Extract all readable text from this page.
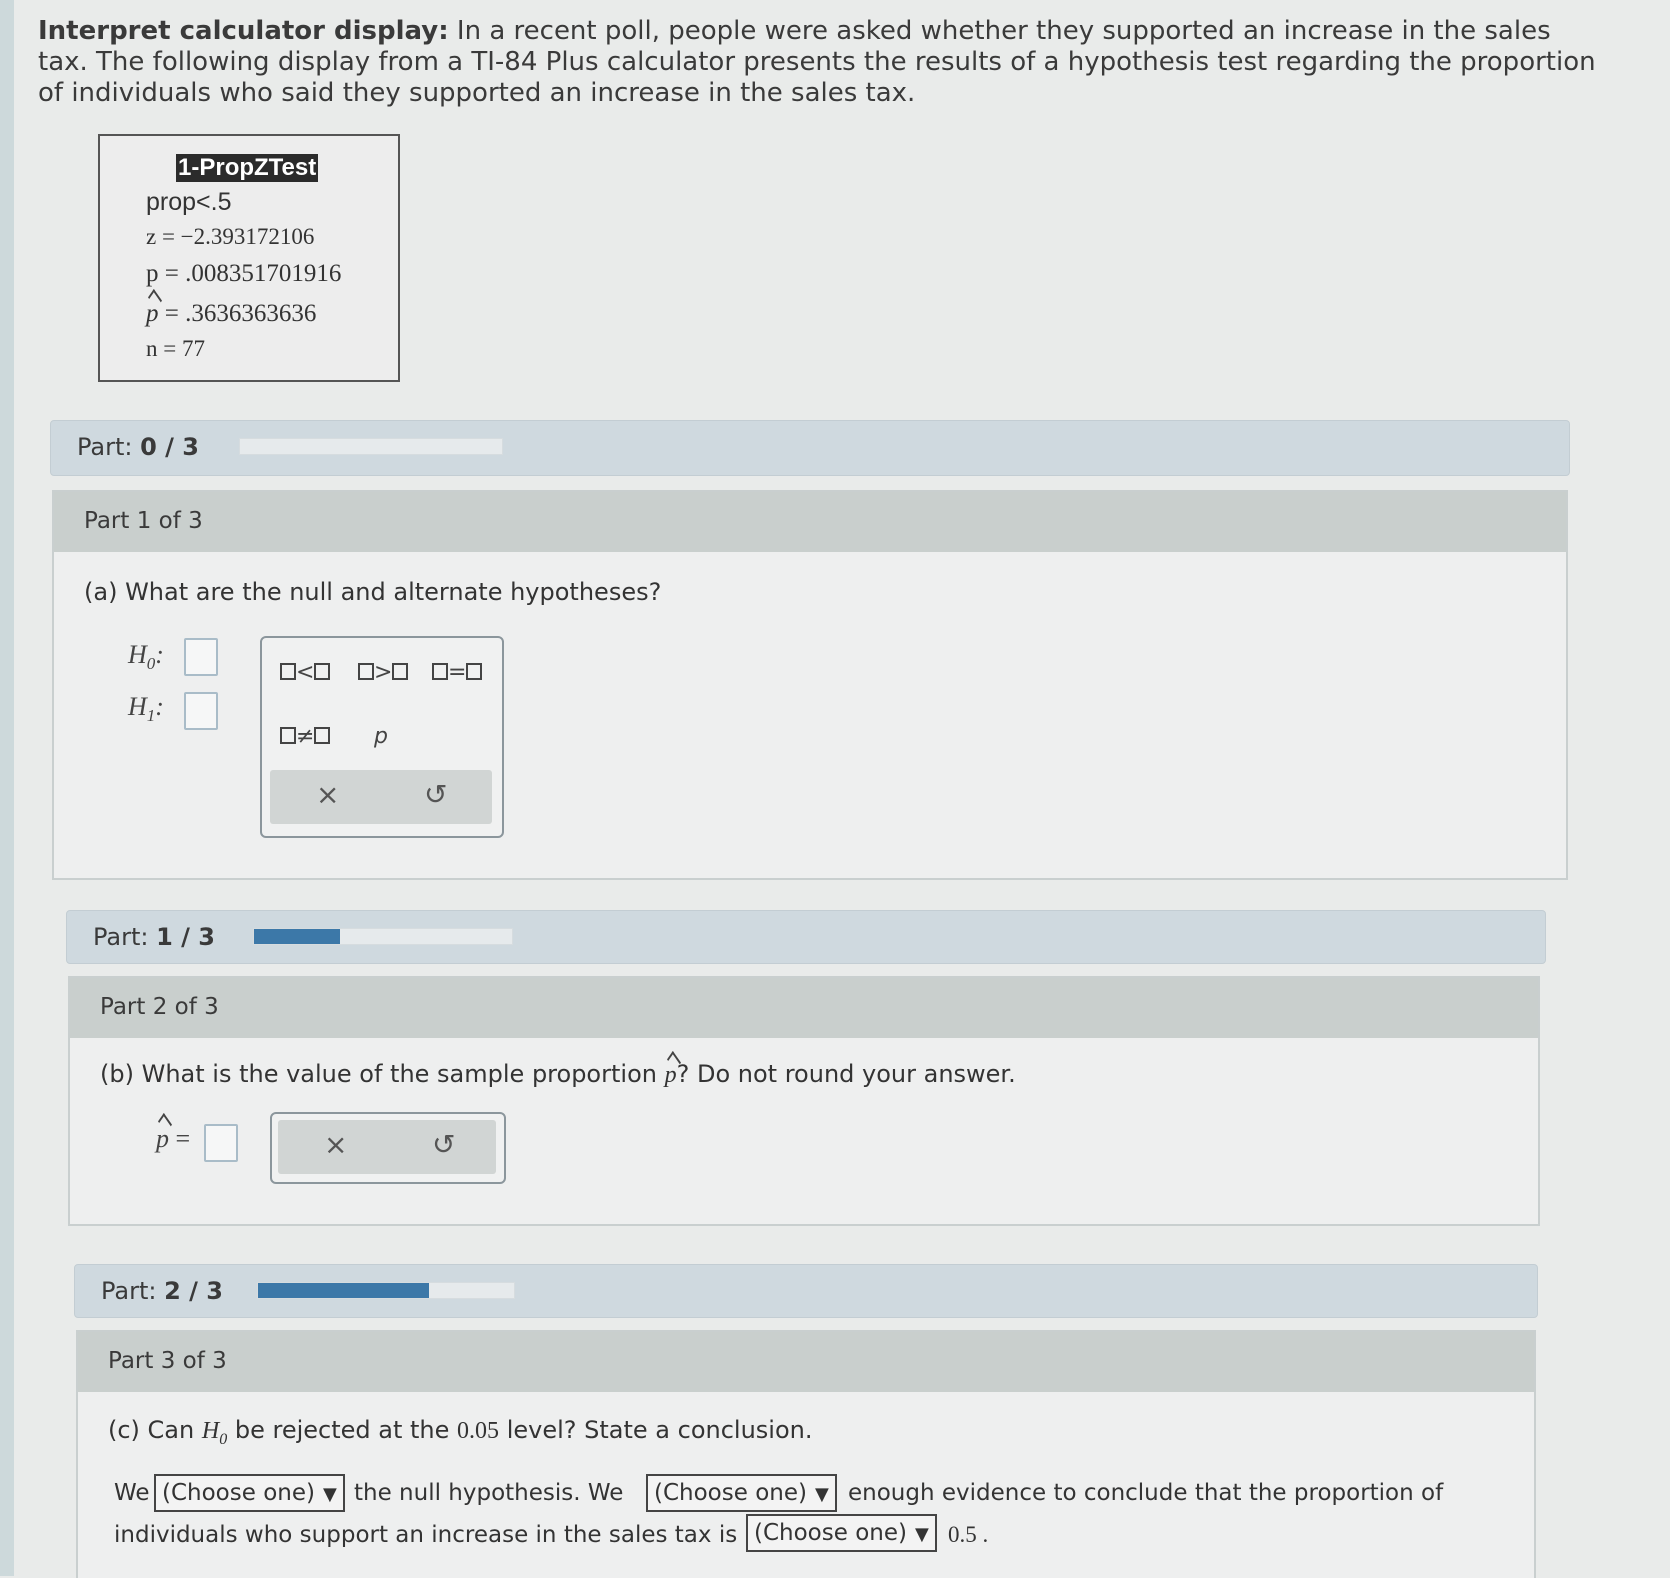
Interpret calculator display: In a recent poll, people were asked whether they supported an increase in the sales tax. The following display from a TI-84 Plus calculator presents the results of a hypothesis test regarding the proportion of individuals who said they supported an increase in the sales tax.
1-PropZTest
prop<.5
z = −2.393172106
p = .008351701916
p = .3636363636
n = 77
Part: 0 / 3
Part 1 of 3
(a) What are the null and alternate hypotheses?
$H_0$:
$H_1$:
<	>	=
≠	p
×	↺
Part: 1 / 3
Part 2 of 3
(b) What is the value of the sample proportion p? Do not round your answer.
p =	×	↺
Part: 2 / 3
Part 3 of 3
(c) Can $H_0$ be rejected at the 0.05 level? State a conclusion.
We (Choose one) ▼ the null hypothesis. We	(Choose one) ▼ enough evidence to conclude that the proportion of
individuals who support an increase in the sales tax is (Choose one) ▼ 0.5 .
